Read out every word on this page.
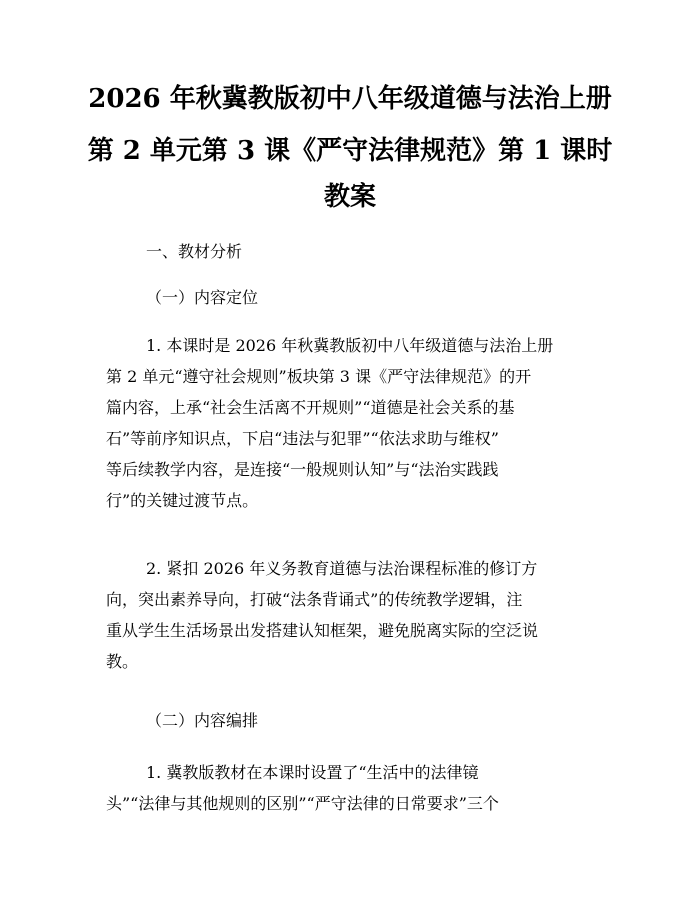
2026 年秋冀教版初中八年级道德与法治上册
第 2 单元第 3 课《严守法律规范》第 1 课时
教案

一、教材分析

（一）内容定位

1. 本课时是 2026 年秋冀教版初中八年级道德与法治上册
第 2 单元“遵守社会规则”板块第 3 课《严守法律规范》的开
篇内容，上承“社会生活离不开规则”“道德是社会关系的基
石”等前序知识点，下启“违法与犯罪”“依法求助与维权”
等后续教学内容，是连接“一般规则认知”与“法治实践践
行”的关键过渡节点。
2. 紧扣 2026 年义务教育道德与法治课程标准的修订方
向，突出素养导向，打破“法条背诵式”的传统教学逻辑，注
重从学生生活场景出发搭建认知框架，避免脱离实际的空泛说
教。

（二）内容编排

1. 冀教版教材在本课时设置了“生活中的法律镜
头”“法律与其他规则的区别”“严守法律的日常要求”三个
